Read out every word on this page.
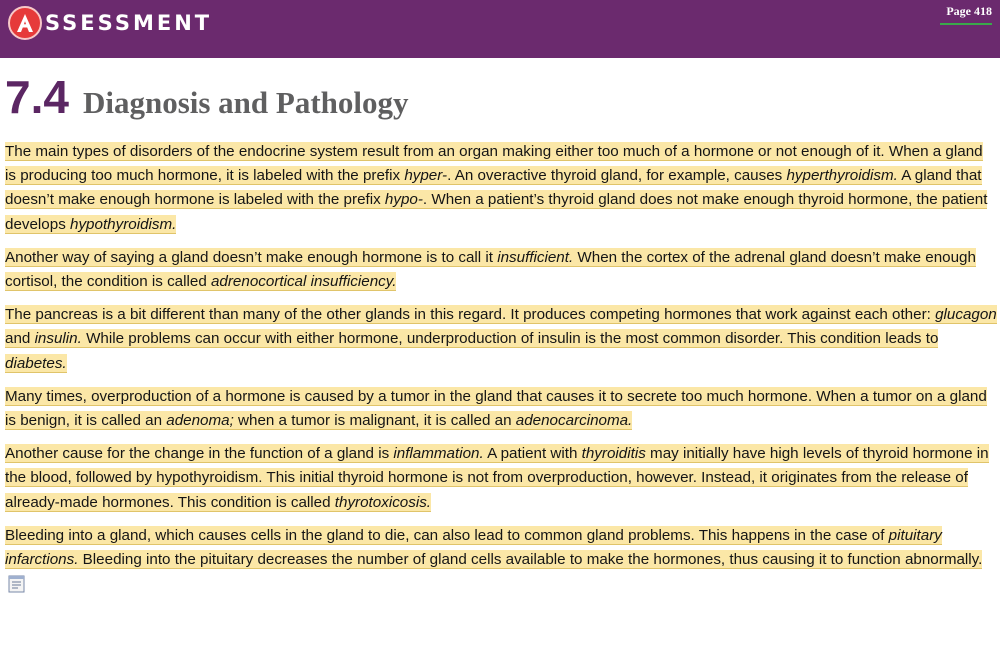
SSESSMENT	Page 418
7.4 Diagnosis and Pathology

The main types of disorders of the endocrine system result from an organ making either too much of a hormone or not enough of it. When a gland is producing too much hormone, it is labeled with the prefix hyper-. An overactive thyroid gland, for example, causes hyperthyroidism. A gland that doesn’t make enough hormone is labeled with the prefix hypo-. When a patient’s thyroid gland does not make enough thyroid hormone, the patient develops hypothyroidism.

Another way of saying a gland doesn’t make enough hormone is to call it insufficient. When the cortex of the adrenal gland doesn’t make enough cortisol, the condition is called adrenocortical insufficiency.

The pancreas is a bit different than many of the other glands in this regard. It produces competing hormones that work against each other: glucagon and insulin. While problems can occur with either hormone, underproduction of insulin is the most common disorder. This condition leads to diabetes.

Many times, overproduction of a hormone is caused by a tumor in the gland that causes it to secrete too much hormone. When a tumor on a gland is benign, it is called an adenoma; when a tumor is malignant, it is called an adenocarcinoma.

Another cause for the change in the function of a gland is inflammation. A patient with thyroiditis may initially have high levels of thyroid hormone in the blood, followed by hypothyroidism. This initial thyroid hormone is not from overproduction, however. Instead, it originates from the release of already-made hormones. This condition is called thyrotoxicosis.

Bleeding into a gland, which causes cells in the gland to die, can also lead to common gland problems. This happens in the case of pituitary infarctions. Bleeding into the pituitary decreases the number of gland cells available to make the hormones, thus causing it to function abnormally.
